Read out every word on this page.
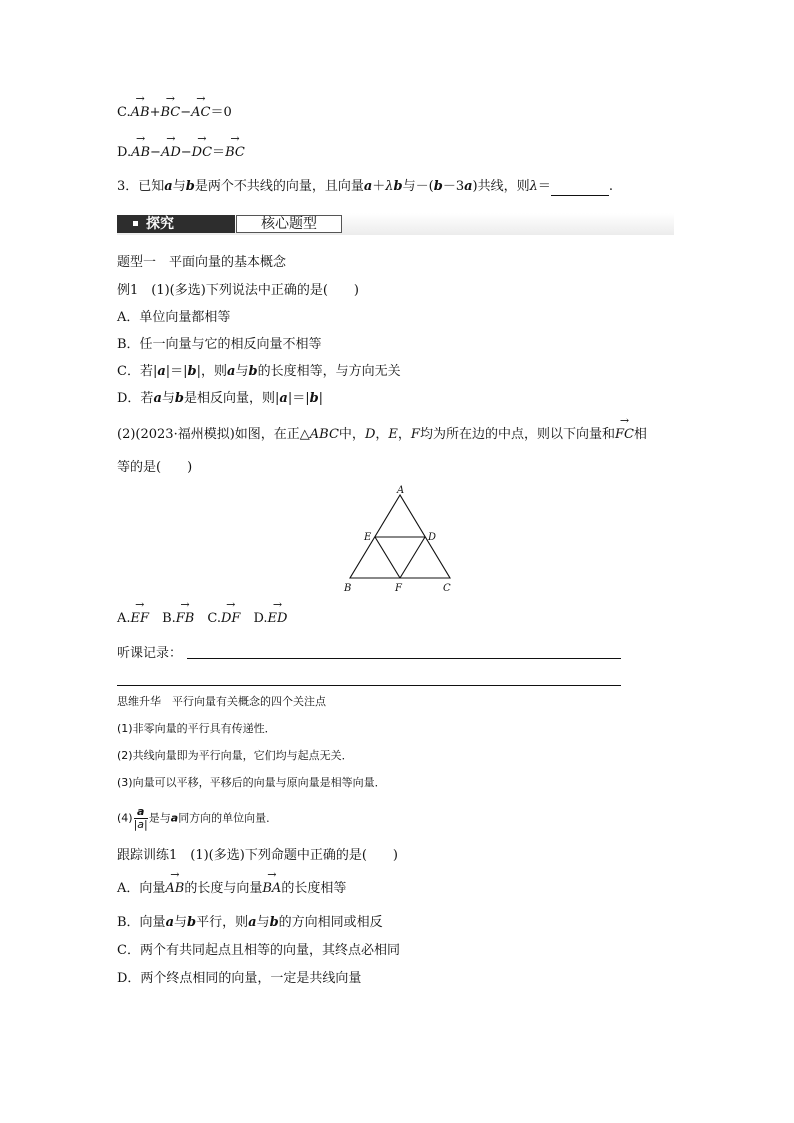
C.→ AB+→ BC−→ AC＝0
D.→ AB−→ AD−→ DC＝→ BC
3．已知a与b是两个不共线的向量，且向量a＋λb与－(b－3a)共线，则λ＝	.
探究	核心题型
题型一　平面向量的基本概念
例1　(1)(多选)下列说法中正确的是(　　)
A．单位向量都相等
B．任一向量与它的相反向量不相等
C．若|a|＝|b|，则a与b的长度相等，与方向无关
D．若a与b是相反向量，则|a|＝|b|
(2)(2023·福州模拟)如图，在正△ABC中，D，E，F均为所在边的中点，则以下向量和→ FC相
等的是(　　)
A
B	C
D
E
F
A.→ EF　 B.→ FB　 C.→ DF　 D.→ ED
听课记录：
思维升华　平行向量有关概念的四个关注点
(1)非零向量的平行具有传递性．
(2)共线向量即为平行向量，它们均与起点无关．
(3)向量可以平移，平移后的向量与原向量是相等向量．
$(4) \frac{a}{|a|}$ 是与a同方向的单位向量．
跟踪训练1　(1)(多选)下列命题中正确的是(　　)
A．向量→ AB的长度与向量→ BA的长度相等
B．向量a与b平行，则a与b的方向相同或相反
C．两个有共同起点且相等的向量，其终点必相同
D．两个终点相同的向量，一定是共线向量
